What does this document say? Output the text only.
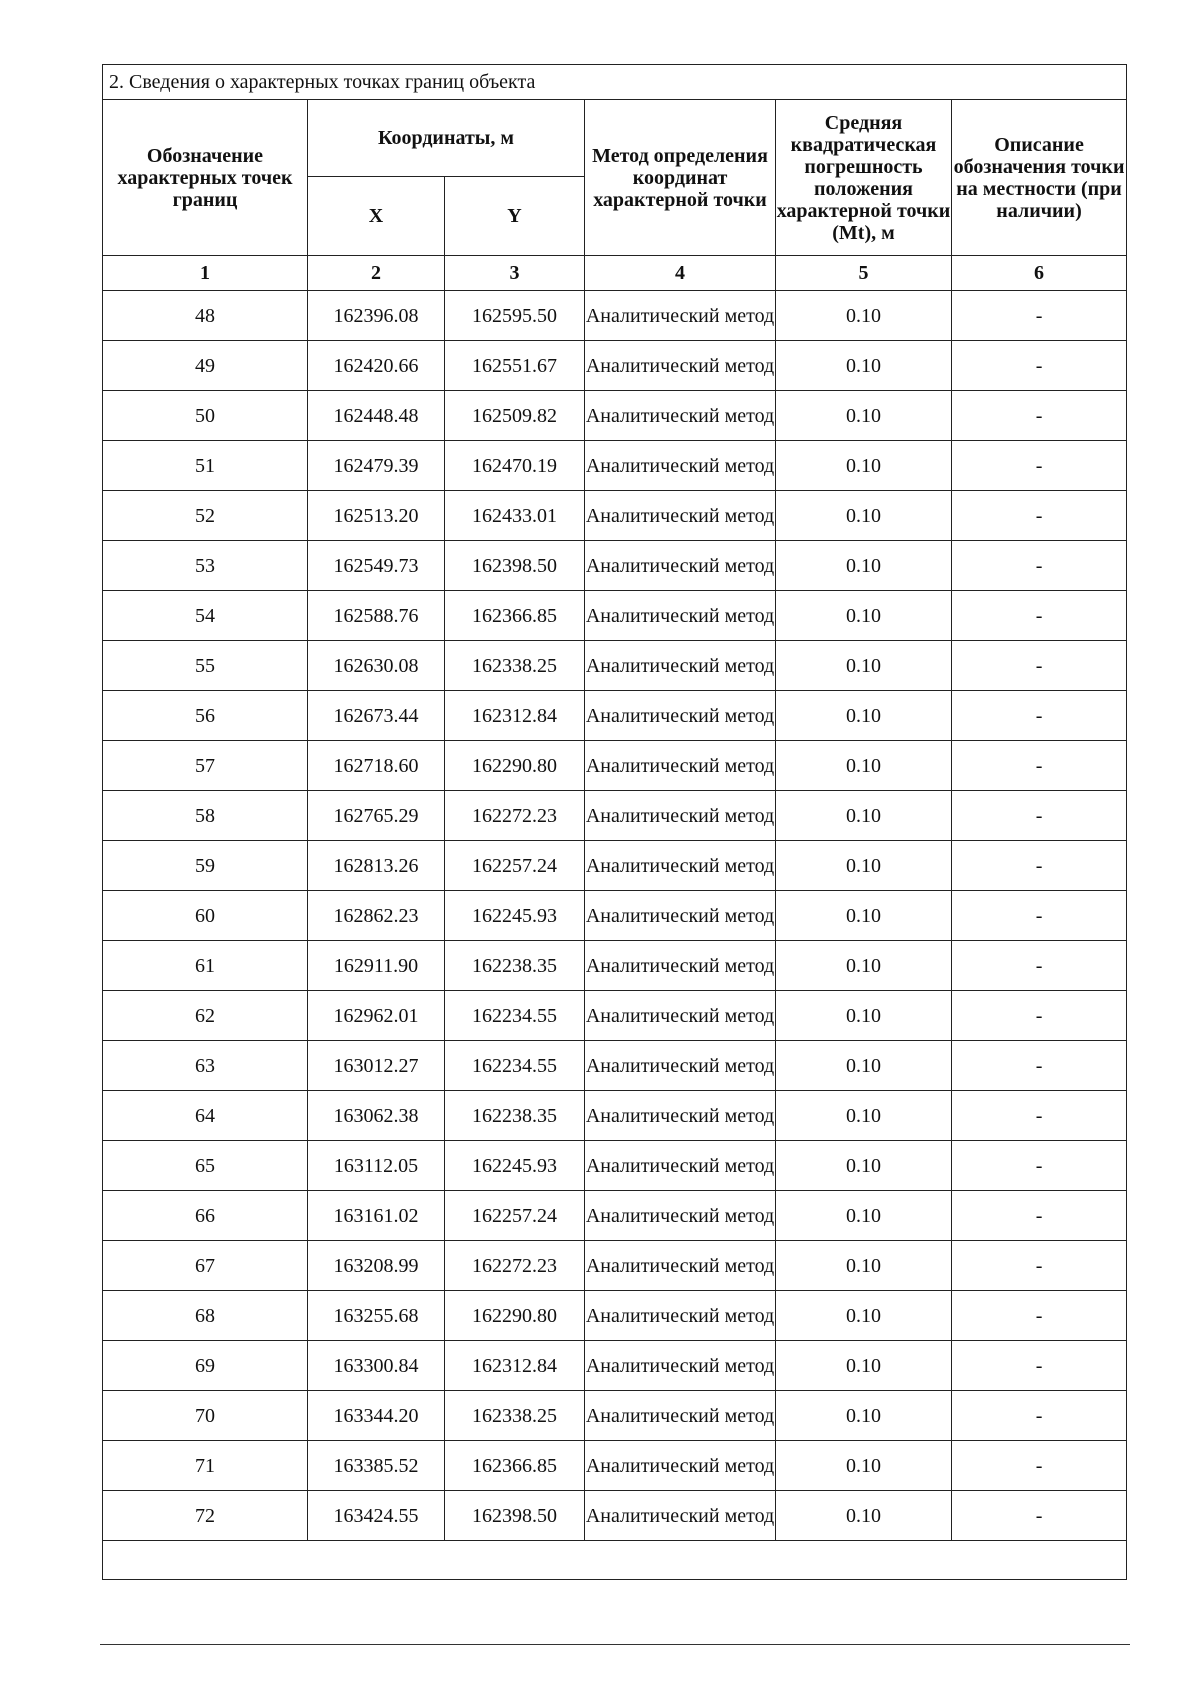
2. Сведения о характерных точках границ объекта					
Обозначение характерных точек границ	Координаты, м		Метод определения координат характерной точки	Средняя квадратическая погрешность положения характерной точки (Mt), м	Описание обозначения точки на местности (при наличии)
	X	Y			
1	2	3	4	5	6
48	162396.08	162595.50	Аналитический метод	0.10	-
49	162420.66	162551.67	Аналитический метод	0.10	-
50	162448.48	162509.82	Аналитический метод	0.10	-
51	162479.39	162470.19	Аналитический метод	0.10	-
52	162513.20	162433.01	Аналитический метод	0.10	-
53	162549.73	162398.50	Аналитический метод	0.10	-
54	162588.76	162366.85	Аналитический метод	0.10	-
55	162630.08	162338.25	Аналитический метод	0.10	-
56	162673.44	162312.84	Аналитический метод	0.10	-
57	162718.60	162290.80	Аналитический метод	0.10	-
58	162765.29	162272.23	Аналитический метод	0.10	-
59	162813.26	162257.24	Аналитический метод	0.10	-
60	162862.23	162245.93	Аналитический метод	0.10	-
61	162911.90	162238.35	Аналитический метод	0.10	-
62	162962.01	162234.55	Аналитический метод	0.10	-
63	163012.27	162234.55	Аналитический метод	0.10	-
64	163062.38	162238.35	Аналитический метод	0.10	-
65	163112.05	162245.93	Аналитический метод	0.10	-
66	163161.02	162257.24	Аналитический метод	0.10	-
67	163208.99	162272.23	Аналитический метод	0.10	-
68	163255.68	162290.80	Аналитический метод	0.10	-
69	163300.84	162312.84	Аналитический метод	0.10	-
70	163344.20	162338.25	Аналитический метод	0.10	-
71	163385.52	162366.85	Аналитический метод	0.10	-
72	163424.55	162398.50	Аналитический метод	0.10	-
